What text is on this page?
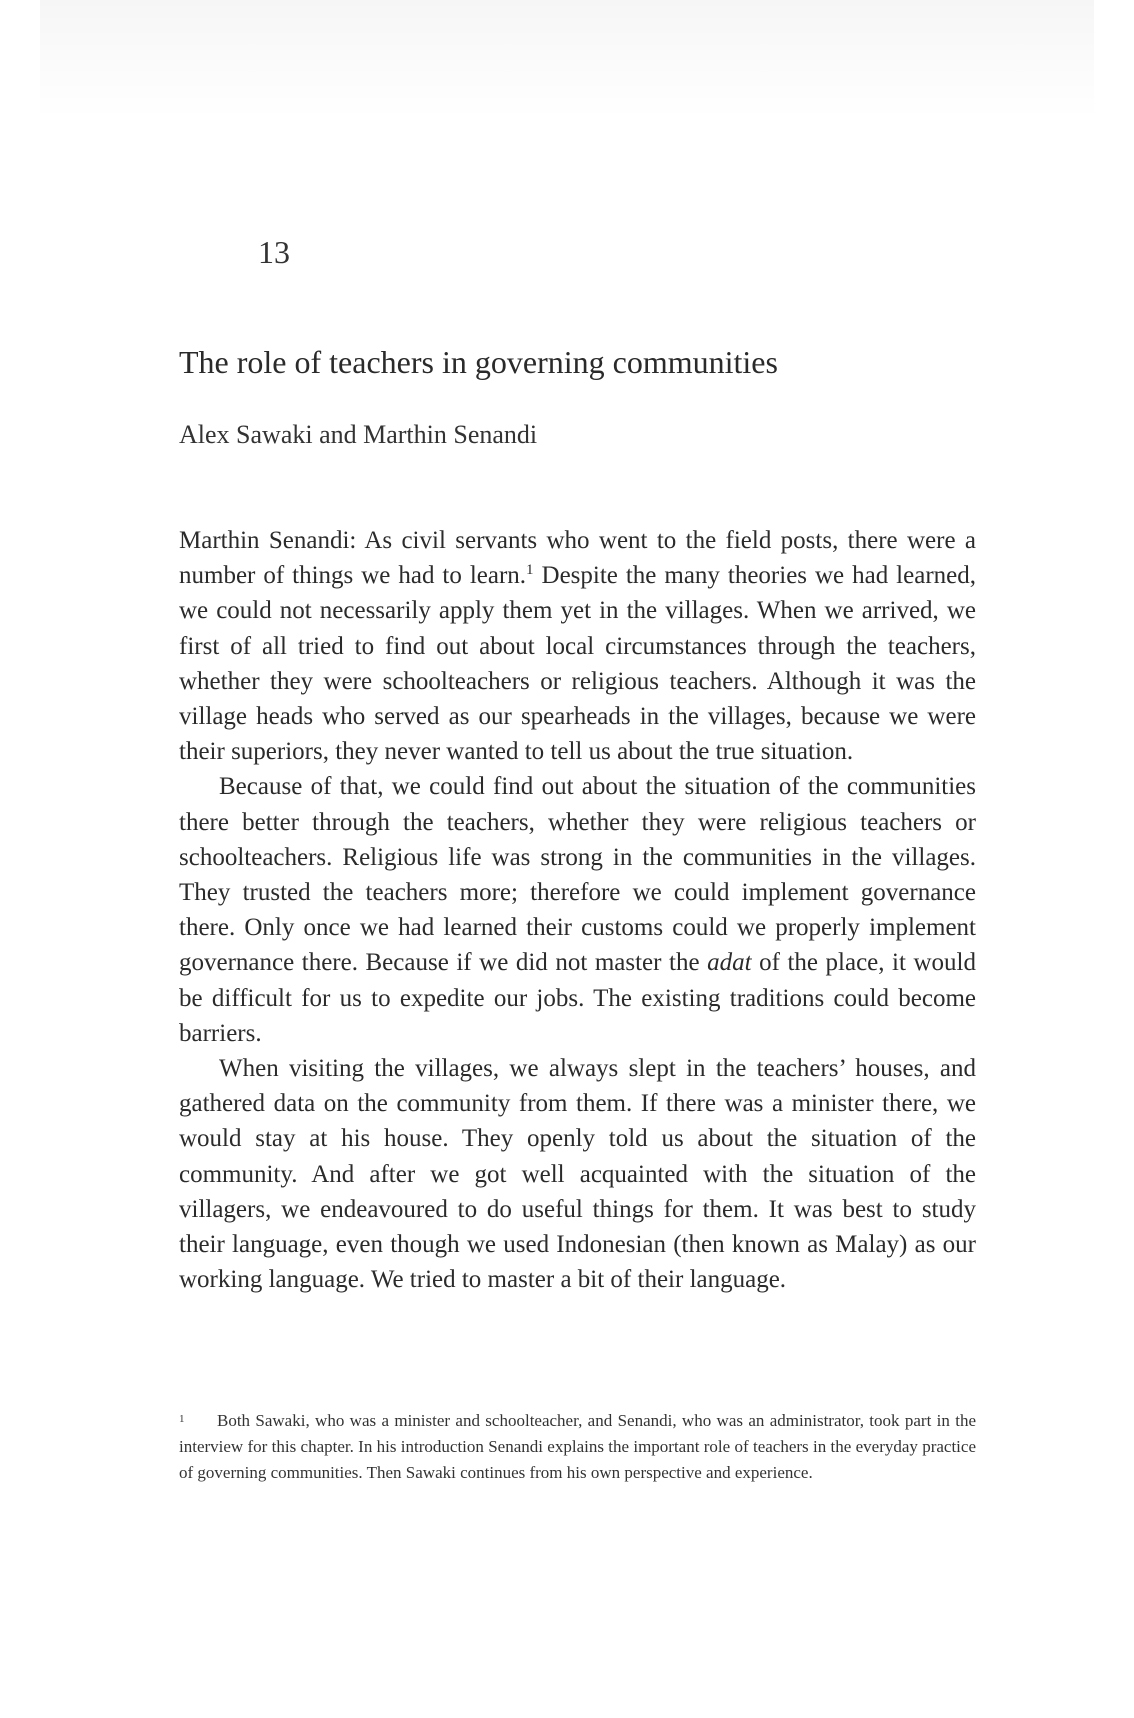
13
The role of teachers in governing communities
Alex Sawaki and Marthin Senandi

Marthin Senandi: As civil servants who went to the field posts, there were a number of things we had to learn.$^1$ Despite the many theories we had learned, we could not necessarily apply them yet in the villages. When we arrived, we first of all tried to find out about local circumstances through the teachers, whether they were schoolteachers or religious teachers. Although it was the village heads who served as our spearheads in the villages, because we were their superiors, they never wanted to tell us about the true situation.

Because of that, we could find out about the situation of the communities there better through the teachers, whether they were religious teachers or schoolteachers. Religious life was strong in the communities in the villages. They trusted the teachers more; therefore we could implement governance there. Only once we had learned their customs could we properly implement governance there. Because if we did not master the adat of the place, it would be difficult for us to expedite our jobs. The existing traditions could become barriers.

When visiting the villages, we always slept in the teachers’ houses, and gathered data on the community from them. If there was a minister there, we would stay at his house. They openly told us about the situation of the community. And after we got well acquainted with the situation of the villagers, we endeavoured to do useful things for them. It was best to study their language, even though we used Indonesian (then known as Malay) as our working language. We tried to master a bit of their language.

1 Both Sawaki, who was a minister and schoolteacher, and Senandi, who was an administrator, took part in the interview for this chapter. In his introduction Senandi explains the important role of teachers in the everyday practice of governing communities. Then Sawaki continues from his own perspective and experience.
